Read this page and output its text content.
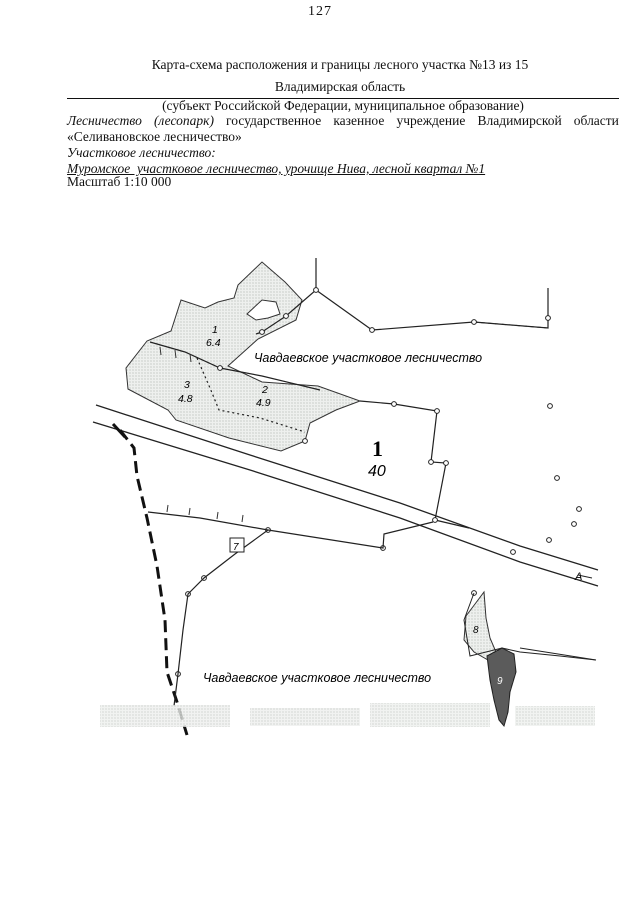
127
Карта-схема расположения и границы лесного участка №13 из 15
Владимирская область
(субъект Российской Федерации, муниципальное образование)
Лесничество (лесопарк) государственное казенное учреждение Владимирской области
«Селивановское лесничество»
Участковое лесничество: Муромское  участковое лесничество, урочище Нива, лесной квартал №1
Масштаб 1:10 000
А
7
8
9
1
6.4
3
4.8
2
4.9
1
40
Чавдаевское участковое лесничество
Чавдаевское участковое лесничество
